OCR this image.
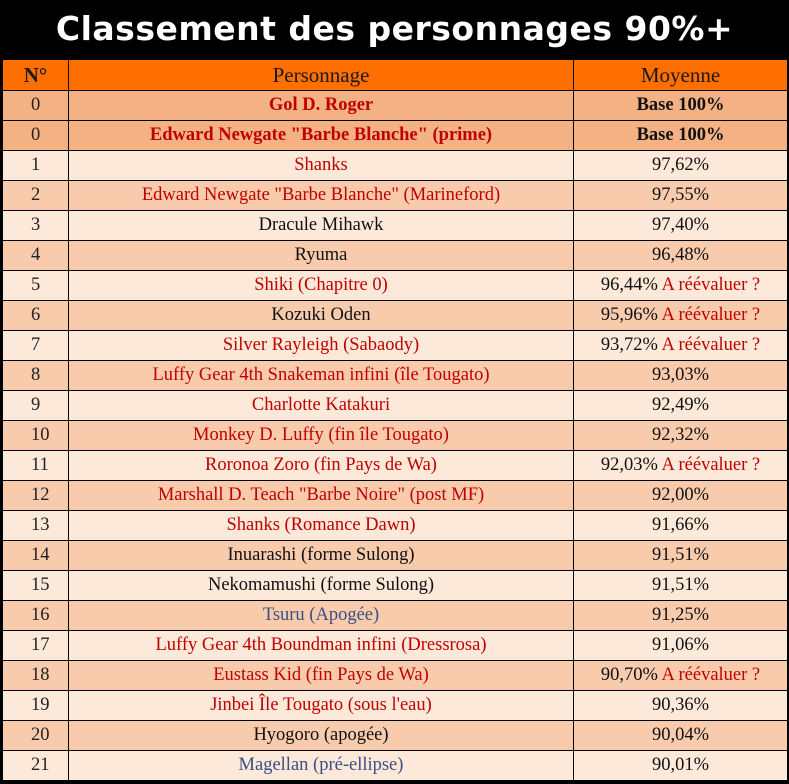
Classement des personnages 90%+
N°	Personnage	Moyenne
0	Gol D. Roger	Base 100%
0	Edward Newgate "Barbe Blanche" (prime)	Base 100%
1	Shanks	97,62%
2	Edward Newgate "Barbe Blanche" (Marineford)	97,55%
3	Dracule Mihawk	97,40%
4	Ryuma	96,48%
5	Shiki (Chapitre 0)	96,44% A réévaluer ?
6	Kozuki Oden	95,96% A réévaluer ?
7	Silver Rayleigh (Sabaody)	93,72% A réévaluer ?
8	Luffy Gear 4th Snakeman infini (île Tougato)	93,03%
9	Charlotte Katakuri	92,49%
10	Monkey D. Luffy (fin île Tougato)	92,32%
11	Roronoa Zoro (fin Pays de Wa)	92,03% A réévaluer ?
12	Marshall D. Teach "Barbe Noire" (post MF)	92,00%
13	Shanks (Romance Dawn)	91,66%
14	Inuarashi (forme Sulong)	91,51%
15	Nekomamushi (forme Sulong)	91,51%
16	Tsuru (Apogée)	91,25%
17	Luffy Gear 4th Boundman infini (Dressrosa)	91,06%
18	Eustass Kid (fin Pays de Wa)	90,70% A réévaluer ?
19	Jinbei Île Tougato (sous l'eau)	90,36%
20	Hyogoro (apogée)	90,04%
21	Magellan (pré-ellipse)	90,01%
